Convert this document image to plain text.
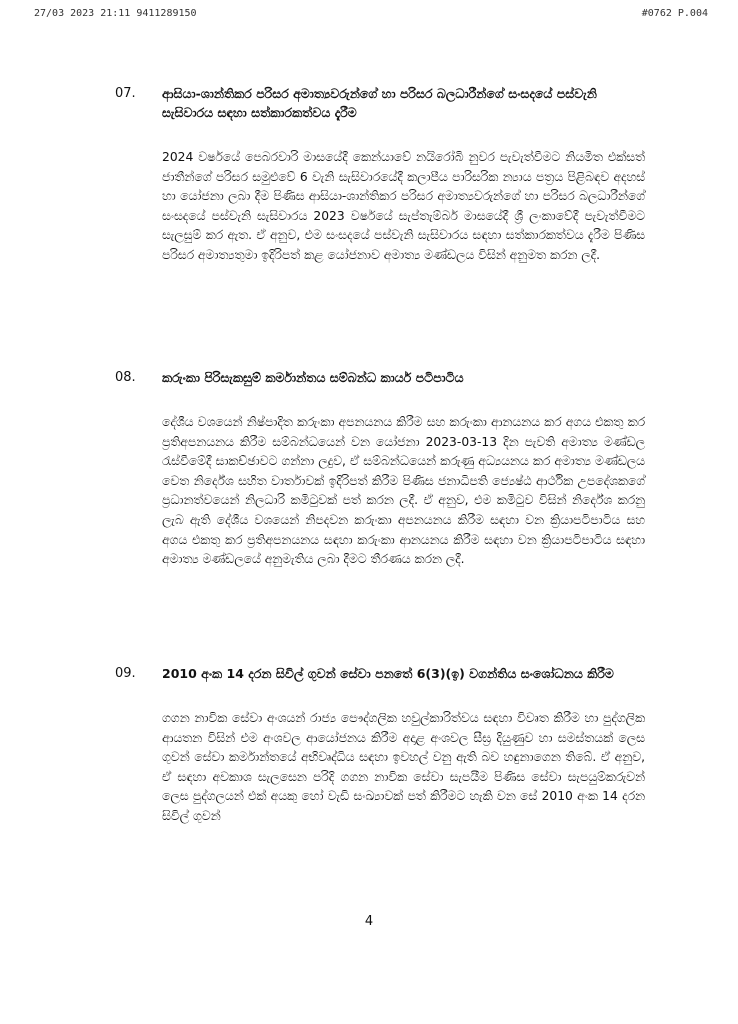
27/03 2023 21:11 9411289150	#0762 P.004
07.	ආසියා-ශාන්තිකර පරිසර අමාත්‍යවරුන්ගේ හා පරිසර බලධාරීන්ගේ සංසදයේ පස්වැනි සැසිවාරය සඳහා සත්කාරකත්වය දැරීම
2024 වර්ෂයේ පෙබරවාරි මාසයේදී කෙන්යාවේ නයිරෝබි නුවර පැවැත්වීමට නියමිත එක්සත් ජාතීන්ගේ පරිසර සමුළුවේ 6 වැනි සැසිවාරයේදී කලාපීය පාරිසරික න්‍යාය පත්‍රය පිළිබඳව අදහස් හා යෝජනා ලබා දීම පිණිස ආසියා-ශාන්තිකර පරිසර අමාත්‍යවරුන්ගේ හා පරිසර බලධාරීන්ගේ සංසදයේ පස්වැනි සැසිවාරය 2023 වර්ෂයේ සැප්තැම්බර් මාසයේදී ශ්‍රී ලංකාවේදී පැවැත්වීමට සැලසුම් කර ඇත. ඒ අනුව, එම සංසදයේ පස්වැනි සැසිවාරය සඳහා සත්කාරකත්වය දැරීම පිණිස පරිසර අමාත්‍යතුමා ඉදිරිපත් කළ යෝජනාව අමාත්‍ය මණ්ඩලය විසින් අනුමත කරන ලදී.
08.	කරුංකා පිරිසැකසුම් කර්මාන්තය සම්බන්ධ කාර්ය පටිපාටිය
දේශීය වශයෙන් නිෂ්පාදිත කරුංකා අපනයනය කිරීම සහ කරුංකා ආනයනය කර අගය එකතු කර ප්‍රතිඅපනයනය කිරීම සම්බන්ධයෙන් වන යෝජනා 2023-03-13 දින පැවති අමාත්‍ය මණ්ඩල රැස්වීමේදී සාකච්ඡාවට ගන්නා ලදුව, ඒ සම්බන්ධයෙන් කරුණු අධ්‍යයනය කර අමාත්‍ය මණ්ඩලය වෙත නිර්දේශ සහිත වාර්තාවක් ඉදිරිපත් කිරීම පිණිස ජනාධිපති ජ්‍යෙෂ්ඨ ආර්ථික උපදේශකගේ ප්‍රධානත්වයෙන් නිලධාරි කමිටුවක් පත් කරන ලදී. ඒ අනුව, එම කමිටුව විසින් නිර්දේශ කරනු ලැබ ඇති දේශීය වශයෙන් නිපදවන කරුංකා අපනයනය කිරීම සඳහා වන ක්‍රියාපටිපාටිය සහ අගය එකතු කර ප්‍රතිඅපනයනය සඳහා කරුංකා ආනයනය කිරීම සඳහා වන ක්‍රියාපටිපාටිය සඳහා අමාත්‍ය මණ්ඩලයේ අනුමැතිය ලබා දීමට තීරණය කරන ලදී.
09.	2010 අංක 14 දරන සිවිල් ගුවන් සේවා පනතේ 6(3)(ඉ) වගන්තිය සංශෝධනය කිරීම
ගගන නාවික සේවා අංශයන් රාජ්‍ය පෞද්ගලික හවුල්කාරිත්වය සඳහා විවෘත කිරීම හා පුද්ගලික ආයතන විසින් එම අංශවල ආයෝජනය කිරීම අදාළ අංශවල සීඝ්‍ර දියුණුව හා සමස්තයක් ලෙස ගුවන් සේවා කර්මාන්තයේ අභිවෘද්ධිය සඳහා ඉවහල් වනු ඇති බව හඳුනාගෙන තිබේ. ඒ අනුව, ඒ සඳහා අවකාශ සැලසෙන පරිදි ගගන නාවික සේවා සැපයීම පිණිස සේවා සැපයුම්කරුවන් ලෙස පුද්ගලයන් එක් අයකු හෝ වැඩි සංඛ්‍යාවක් පත් කිරීමට හැකි වන සේ 2010 අංක 14 දරන සිවිල් ගුවන්
4
